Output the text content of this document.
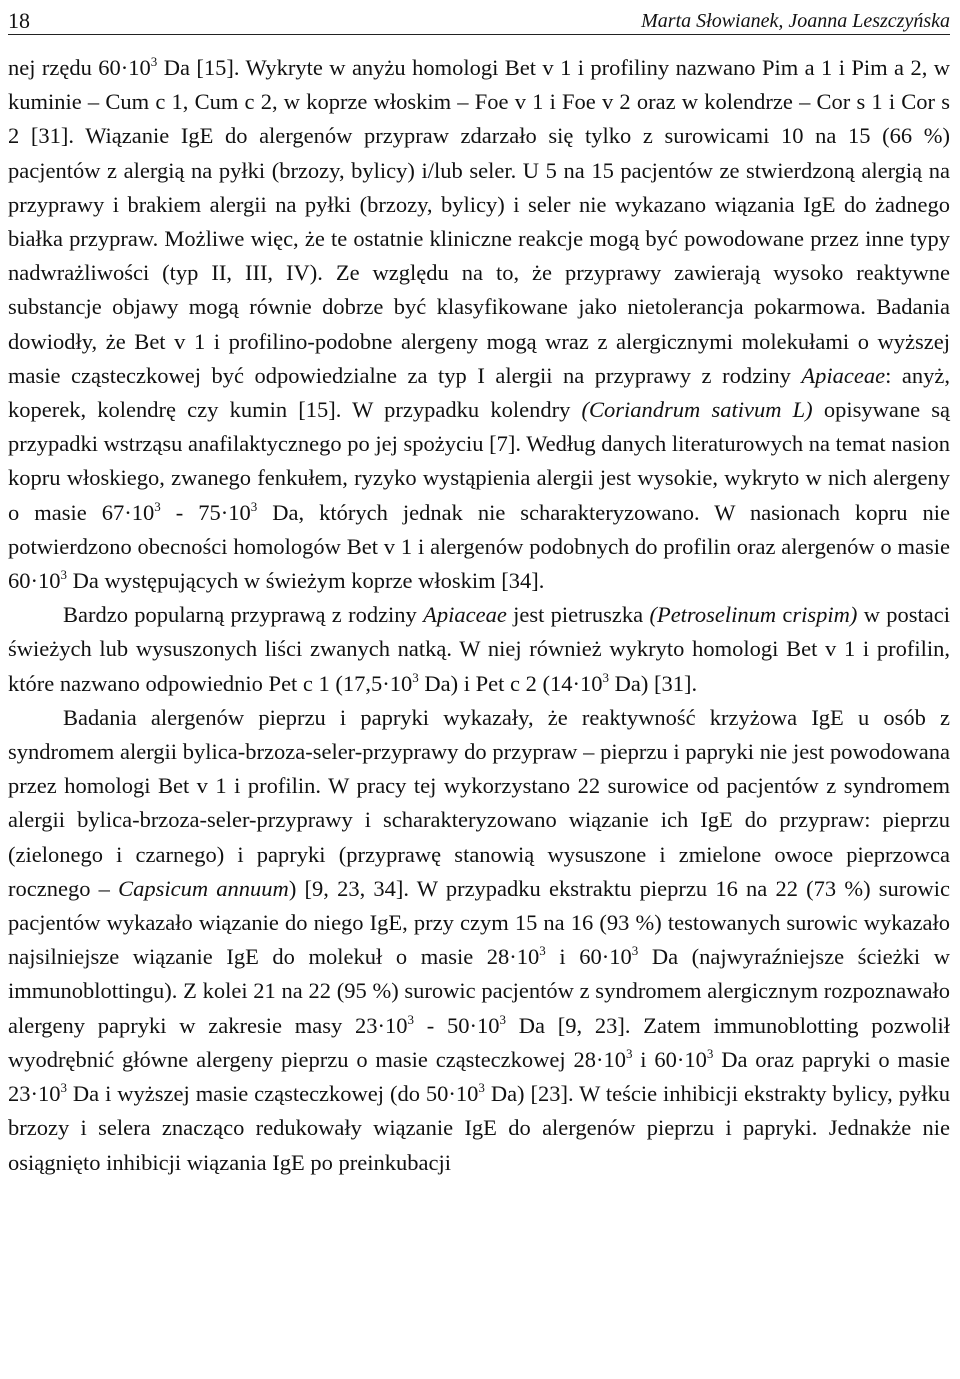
18	Marta Słowianek, Joanna Leszczyńska

nej rzędu $60\cdot 10^3$ Da [15]. Wykryte w anyżu homologi Bet v 1 i profiliny nazwano Pim a 1 i Pim a 2, w kuminie – Cum c 1, Cum c 2, w koprze włoskim – Foe v 1 i Foe v 2 oraz w kolendrze – Cor s 1 i Cor s 2 [31]. Wiązanie IgE do alergenów przypraw zdarzało się tylko z surowicami 10 na 15 (66 %) pacjentów z alergią na pyłki (brzozy, bylicy) i/lub seler. U 5 na 15 pacjentów ze stwierdzoną alergią na przyprawy i brakiem alergii na pyłki (brzozy, bylicy) i seler nie wykazano wiązania IgE do żadnego białka przypraw. Możliwe więc, że te ostatnie kliniczne reakcje mogą być powodowane przez inne typy nadwrażliwości (typ II, III, IV). Ze względu na to, że przyprawy zawierają wysoko reaktywne substancje objawy mogą równie dobrze być klasyfikowane jako nietolerancja pokarmowa. Badania dowiodły, że Bet v 1 i profilino-podobne alergeny mogą wraz z alergicznymi molekułami o wyższej masie cząsteczkowej być odpowiedzialne za typ I alergii na przyprawy z rodziny Apiaceae: anyż, koperek, kolendrę czy kumin [15]. W przypadku kolendry (Coriandrum sativum L) opisywane są przypadki wstrząsu anafilaktycznego po jej spożyciu [7]. Według danych literaturowych na temat nasion kopru włoskiego, zwanego fenkułem, ryzyko wystąpienia alergii jest wysokie, wykryto w nich alergeny o masie $67\cdot 10^3 - 75\cdot 10^3$ Da, których jednak nie scharakteryzowano. W nasionach kopru nie potwierdzono obecności homologów Bet v 1 i alergenów podobnych do profilin oraz alergenów o masie $60\cdot 10^3$ Da występujących w świeżym koprze włoskim [34].

Bardzo popularną przyprawą z rodziny Apiaceae jest pietruszka (Petroselinum crispim) w postaci świeżych lub wysuszonych liści zwanych natką. W niej również wykryto homologi Bet v 1 i profilin, które nazwano odpowiednio Pet c 1 ($17,5\cdot 10^3$ Da) i Pet c 2 ($14\cdot 10^3$ Da) [31].

Badania alergenów pieprzu i papryki wykazały, że reaktywność krzyżowa IgE u osób z syndromem alergii bylica-brzoza-seler-przyprawy do przypraw – pieprzu i papryki nie jest powodowana przez homologi Bet v 1 i profilin. W pracy tej wykorzystano 22 surowice od pacjentów z syndromem alergii bylica-brzoza-seler-przyprawy i scharakteryzowano wiązanie ich IgE do przypraw: pieprzu (zielonego i czarnego) i papryki (przyprawę stanowią wysuszone i zmielone owoce pieprzowca rocznego – Capsicum annuum) [9, 23, 34]. W przypadku ekstraktu pieprzu 16 na 22 (73 %) surowic pacjentów wykazało wiązanie do niego IgE, przy czym 15 na 16 (93 %) testowanych surowic wykazało najsilniejsze wiązanie IgE do molekuł o masie $28\cdot 10^3$ i $60\cdot 10^3$ Da (najwyraźniejsze ścieżki w immunoblottingu). Z kolei 21 na 22 (95 %) surowic pacjentów z syndromem alergicznym rozpoznawało alergeny papryki w zakresie masy $23\cdot 10^3 - 50\cdot 10^3$ Da [9, 23]. Zatem immunoblotting pozwolił wyodrębnić główne alergeny pieprzu o masie cząsteczkowej $28\cdot 10^3$ i $60\cdot 10^3$ Da oraz papryki o masie $23\cdot 10^3$ Da i wyższej masie cząsteczkowej (do $50\cdot 10^3$ Da) [23]. W teście inhibicji ekstrakty bylicy, pyłku brzozy i selera znacząco redukowały wiązanie IgE do alergenów pieprzu i papryki. Jednakże nie osiągnięto inhibicji wiązania IgE po preinkubacji
